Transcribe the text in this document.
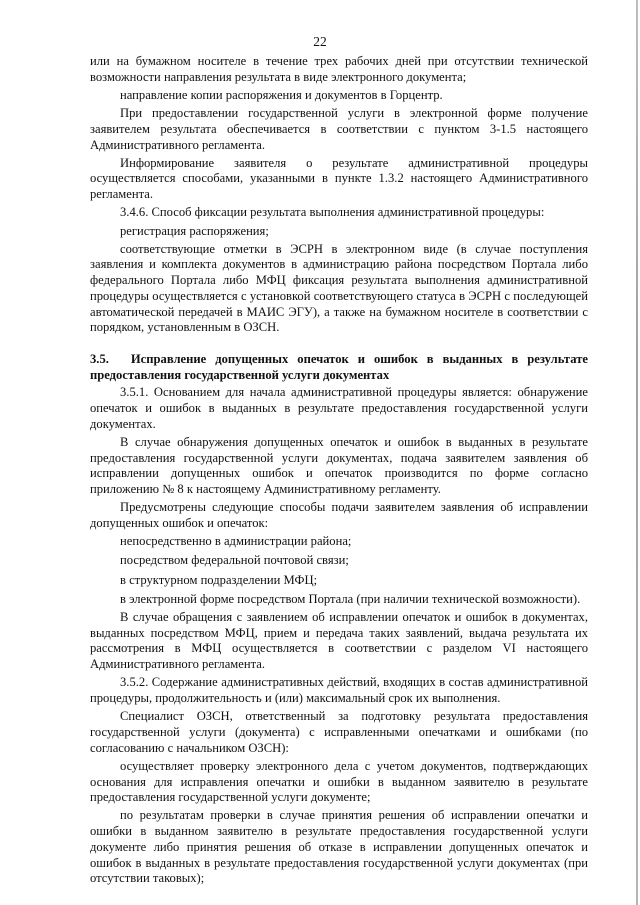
22

или на бумажном носителе в течение трех рабочих дней при отсутствии технической возможности направления результата в виде электронного документа;

направление копии распоряжения и документов в Горцентр.

При предоставлении государственной услуги в электронной форме получение заявителем результата обеспечивается в соответствии с пунктом 3-1.5 настоящего Административного регламента.

Информирование заявителя о результате административной процедуры осуществляется способами, указанными в пункте 1.3.2 настоящего Административного регламента.

3.4.6. Способ фиксации результата выполнения административной процедуры:

регистрация распоряжения;

соответствующие отметки в ЭСРН в электронном виде (в случае поступления заявления и комплекта документов в администрацию района посредством Портала либо федерального Портала либо МФЦ фиксация результата выполнения административной процедуры осуществляется с установкой соответствующего статуса в ЭСРН с последующей автоматической передачей в МАИС ЭГУ), а также на бумажном носителе в соответствии с порядком, установленным в ОЗСН.

3.5. Исправление допущенных опечаток и ошибок в выданных в результате предоставления государственной услуги документах

3.5.1. Основанием для начала административной процедуры является: обнаружение опечаток и ошибок в выданных в результате предоставления государственной услуги документах.

В случае обнаружения допущенных опечаток и ошибок в выданных в результате предоставления государственной услуги документах, подача заявителем заявления об исправлении допущенных ошибок и опечаток производится по форме согласно приложению № 8 к настоящему Административному регламенту.

Предусмотрены следующие способы подачи заявителем заявления об исправлении допущенных ошибок и опечаток:

непосредственно в администрации района;

посредством федеральной почтовой связи;

в структурном подразделении МФЦ;

в электронной форме посредством Портала (при наличии технической возможности).

В случае обращения с заявлением об исправлении опечаток и ошибок в документах, выданных посредством МФЦ, прием и передача таких заявлений, выдача результата их рассмотрения в МФЦ осуществляется в соответствии с разделом VI настоящего Административного регламента.

3.5.2. Содержание административных действий, входящих в состав административной процедуры, продолжительность и (или) максимальный срок их выполнения.

Специалист ОЗСН, ответственный за подготовку результата предоставления государственной услуги (документа) с исправленными опечатками и ошибками (по согласованию с начальником ОЗСН):

осуществляет проверку электронного дела с учетом документов, подтверждающих основания для исправления опечатки и ошибки в выданном заявителю в результате предоставления государственной услуги документе;

по результатам проверки в случае принятия решения об исправлении опечатки и ошибки в выданном заявителю в результате предоставления государственной услуги документе либо принятия решения об отказе в исправлении допущенных опечаток и ошибок в выданных в результате предоставления государственной услуги документах (при отсутствии таковых);
